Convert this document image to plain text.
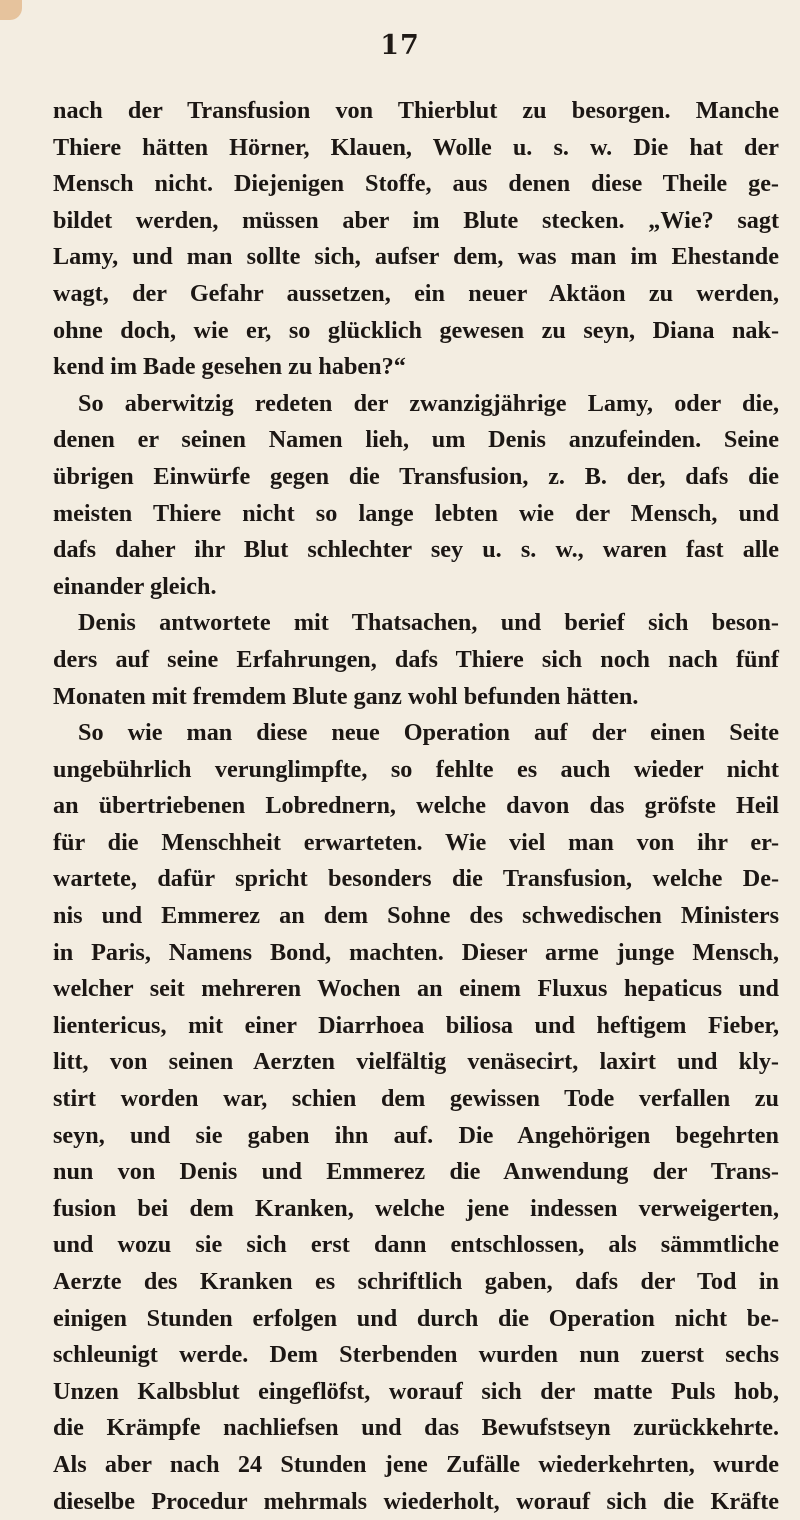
17
nach der Transfusion von Thierblut zu besorgen. Manche
Thiere hätten Hörner, Klauen, Wolle u. s. w. Die hat der
Mensch nicht. Diejenigen Stoffe, aus denen diese Theile ge-
bildet werden, müssen aber im Blute stecken. „Wie? sagt
Lamy, und man sollte sich, aufser dem, was man im Ehestande
wagt, der Gefahr aussetzen, ein neuer Aktäon zu werden,
ohne doch, wie er, so glücklich gewesen zu seyn, Diana nak-
kend im Bade gesehen zu haben?“
So aberwitzig redeten der zwanzigjährige Lamy, oder die,
denen er seinen Namen lieh, um Denis anzufeinden. Seine
übrigen Einwürfe gegen die Transfusion, z. B. der, dafs die
meisten Thiere nicht so lange lebten wie der Mensch, und
dafs daher ihr Blut schlechter sey u. s. w., waren fast alle
einander gleich.
Denis antwortete mit Thatsachen, und berief sich beson-
ders auf seine Erfahrungen, dafs Thiere sich noch nach fünf
Monaten mit fremdem Blute ganz wohl befunden hätten.
So wie man diese neue Operation auf der einen Seite
ungebührlich verunglimpfte, so fehlte es auch wieder nicht
an übertriebenen Lobrednern, welche davon das gröfste Heil
für die Menschheit erwarteten. Wie viel man von ihr er-
wartete, dafür spricht besonders die Transfusion, welche De-
nis und Emmerez an dem Sohne des schwedischen Ministers
in Paris, Namens Bond, machten. Dieser arme junge Mensch,
welcher seit mehreren Wochen an einem Fluxus hepaticus und
lientericus, mit einer Diarrhoea biliosa und heftigem Fieber,
litt, von seinen Aerzten vielfältig venäsecirt, laxirt und kly-
stirt worden war, schien dem gewissen Tode verfallen zu
seyn, und sie gaben ihn auf. Die Angehörigen begehrten
nun von Denis und Emmerez die Anwendung der Trans-
fusion bei dem Kranken, welche jene indessen verweigerten,
und wozu sie sich erst dann entschlossen, als sämmtliche
Aerzte des Kranken es schriftlich gaben, dafs der Tod in
einigen Stunden erfolgen und durch die Operation nicht be-
schleunigt werde. Dem Sterbenden wurden nun zuerst sechs
Unzen Kalbsblut eingeflöfst, worauf sich der matte Puls hob,
die Krämpfe nachliefsen und das Bewufstseyn zurückkehrte.
Als aber nach 24 Stunden jene Zufälle wiederkehrten, wurde
dieselbe Procedur mehrmals wiederholt, worauf sich die Kräfte
